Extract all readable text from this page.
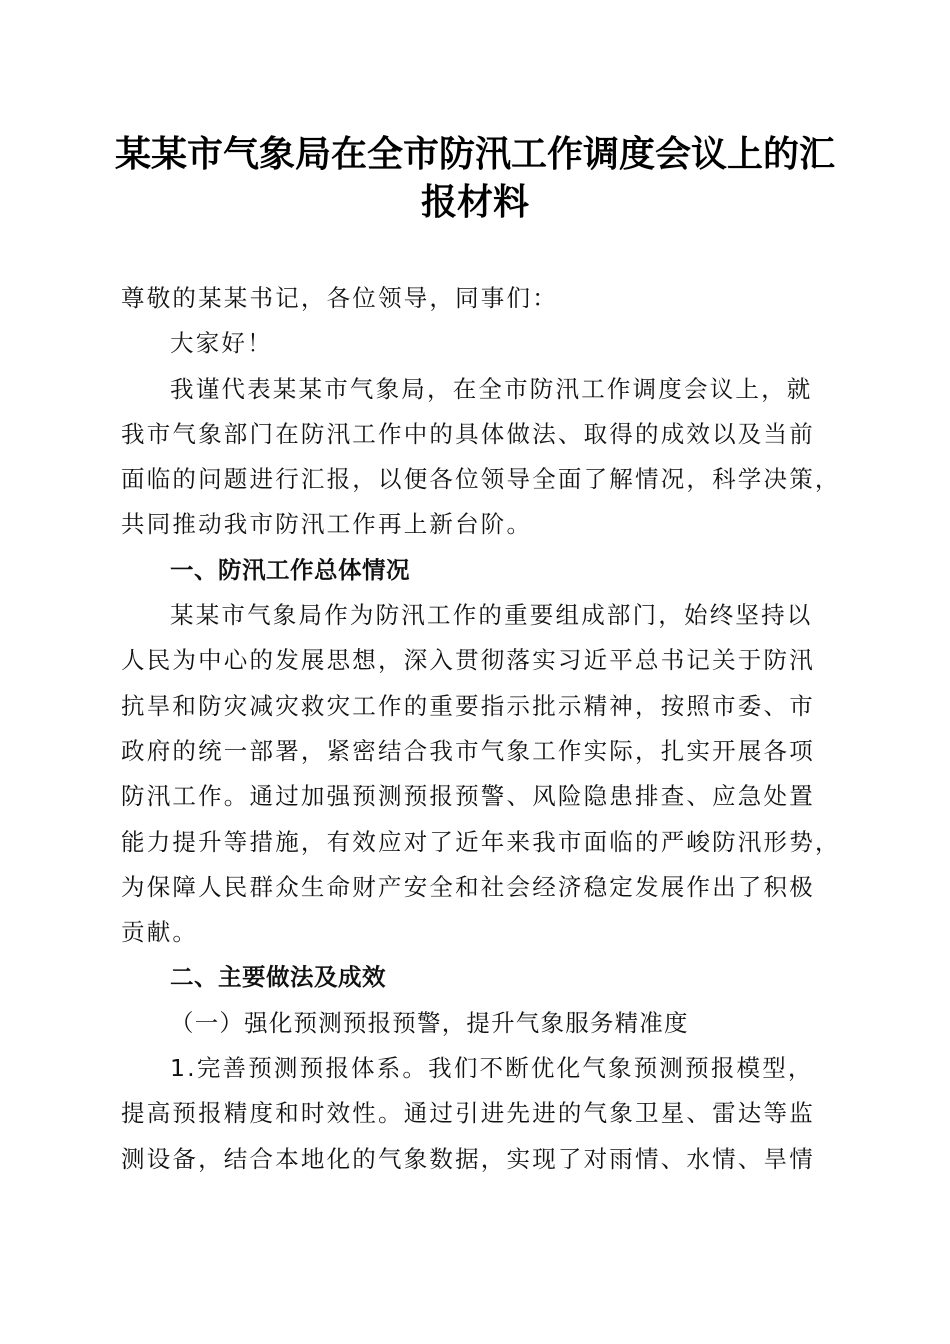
某某市气象局在全市防汛工作调度会议上的汇
报材料
尊敬的某某书记，各位领导，同事们：
大家好！
我谨代表某某市气象局，在全市防汛工作调度会议上，就
我市气象部门在防汛工作中的具体做法、取得的成效以及当前
面临的问题进行汇报，以便各位领导全面了解情况，科学决策，
共同推动我市防汛工作再上新台阶。
一、防汛工作总体情况
某某市气象局作为防汛工作的重要组成部门，始终坚持以
人民为中心的发展思想，深入贯彻落实习近平总书记关于防汛
抗旱和防灾减灾救灾工作的重要指示批示精神，按照市委、市
政府的统一部署，紧密结合我市气象工作实际，扎实开展各项
防汛工作。通过加强预测预报预警、风险隐患排查、应急处置
能力提升等措施，有效应对了近年来我市面临的严峻防汛形势，
为保障人民群众生命财产安全和社会经济稳定发展作出了积极
贡献。
二、主要做法及成效
（一）强化预测预报预警，提升气象服务精准度
1.完善预测预报体系。我们不断优化气象预测预报模型，
提高预报精度和时效性。通过引进先进的气象卫星、雷达等监
测设备，结合本地化的气象数据，实现了对雨情、水情、旱情
